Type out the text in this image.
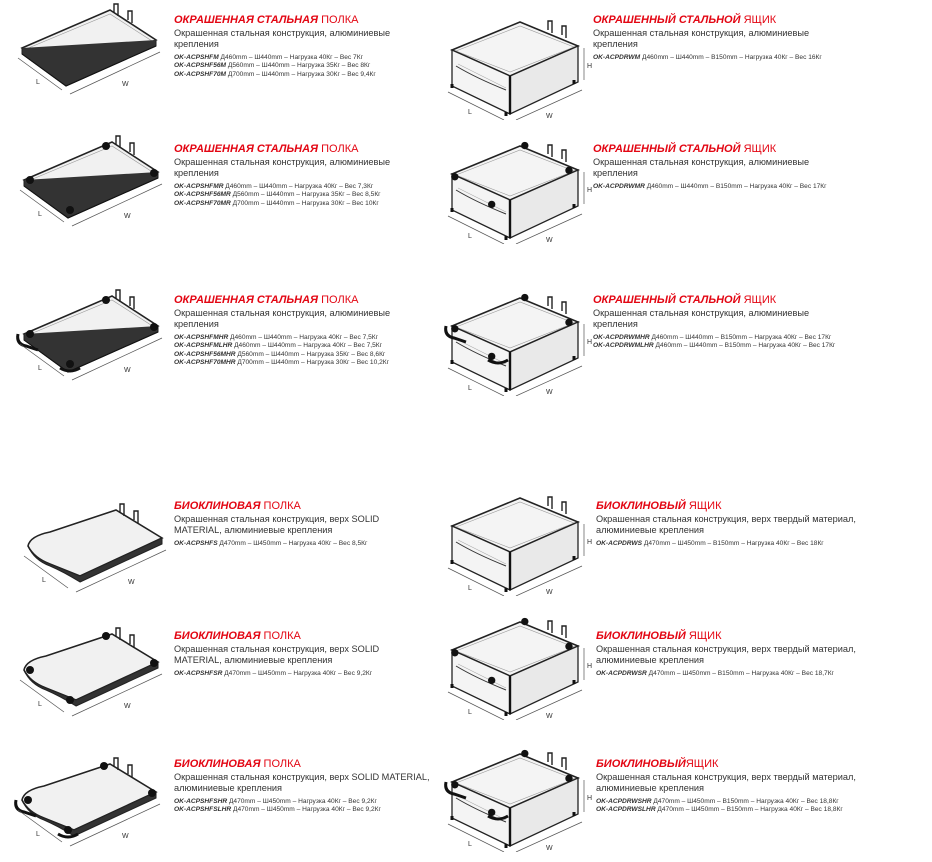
L	W
ОКРАШЕННАЯ СТАЛЬНАЯ ПОЛКА
Окрашенная стальная конструкция, алюминиевые крепления
OK-ACPSHFM Д460mm – Ш440mm – Нагрузка 40Кг – Вес 7Кг
OK-ACPSHF56M Д560mm – Ш440mm – Нагрузка 35Кг – Вес 8Кг
OK-ACPSHF70M Д700mm – Ш440mm – Нагрузка 30Кг – Вес 9,4Кг
L
W
H
ОКРАШЕННЫЙ СТАЛЬНОЙ ЯЩИК
Окрашенная стальная конструкция, алюминиевые крепления
OK-ACPDRWM Д460mm – Ш440mm – В150mm – Нагрузка 40Кг – Вес 16Кг
L	W
ОКРАШЕННАЯ СТАЛЬНАЯ ПОЛКА
Окрашенная стальная конструкция, алюминиевые крепления
OK-ACPSHFMR Д460mm – Ш440mm – Нагрузка 40Кг – Вес 7,3Кг
OK-ACPSHF56MR Д560mm – Ш440mm – Нагрузка 35Кг – Вес 8,5Кг
OK-ACPSHF70MR Д700mm – Ш440mm – Нагрузка 30Кг – Вес 10Кг
L
W
H
ОКРАШЕННЫЙ СТАЛЬНОЙ ЯЩИК
Окрашенная стальная конструкция, алюминиевые крепления
OK-ACPDRWMR Д460mm – Ш440mm – В150mm – Нагрузка 40Кг – Вес 17Кг
L	W
ОКРАШЕННАЯ СТАЛЬНАЯ ПОЛКА
Окрашенная стальная конструкция, алюминиевые крепления
OK-ACPSHFMHR Д460mm – Ш440mm – Нагрузка 40Кг – Вес 7,5Кг
OK-ACPSHFMLHR Д460mm – Ш440mm – Нагрузка 40Кг – Вес 7,5Кг
OK-ACPSHF56MHR Д560mm – Ш440mm – Нагрузка 35Кг – Вес 8,6Кг
OK-ACPSHF70MHR Д700mm – Ш440mm – Нагрузка 30Кг – Вес 10,2Кг
L
W
H
ОКРАШЕННЫЙ СТАЛЬНОЙ ЯЩИК
Окрашенная стальная конструкция, алюминиевые крепления
OK-ACPDRWMHR Д460mm – Ш440mm – В150mm – Нагрузка 40Кг – Вес 17Кг
OK-ACPDRWMLHR Д460mm – Ш440mm – В150mm – Нагрузка 40Кг – Вес 17Кг
L	W
БИОКЛИНОВАЯ ПОЛКА
Окрашенная стальная конструкция, верх SOLID MATERIAL, алюминиевые крепления
OK-ACPSHFS Д470mm – Ш450mm – Нагрузка 40Кг – Вес 8,5Кг
L
W
H
БИОКЛИНОВЫЙ ЯЩИК
Окрашенная стальная конструкция, верх твердый материал, алюминиевые крепления
OK-ACPDRWS Д470mm – Ш450mm – В150mm – Нагрузка 40Кг – Вес 18Кг
L	W
БИОКЛИНОВАЯ ПОЛКА
Окрашенная стальная конструкция, верх SOLID MATERIAL, алюминиевые крепления
OK-ACPSHFSR Д470mm – Ш450mm – Нагрузка 40Кг – Вес 9,2Кг
L
W
H
БИОКЛИНОВЫЙ ЯЩИК
Окрашенная стальная конструкция, верх твердый материал, алюминиевые крепления
OK-ACPDRWSR Д470mm – Ш450mm – В150mm – Нагрузка 40Кг – Вес 18,7Кг
L	W
БИОКЛИНОВАЯ ПОЛКА
Окрашенная стальная конструкция, верх SOLID MATERIAL, алюминиевые крепления
OK-ACPSHFSHR Д470mm – Ш450mm – Нагрузка 40Кг – Вес 9,2Кг
OK-ACPSHFSLHR Д470mm – Ш450mm – Нагрузка 40Кг – Вес 9,2Кг
L
W
H
БИОКЛИНОВЫЙЯЩИК
Окрашенная стальная конструкция, верх твердый материал, алюминиевые крепления
OK-ACPDRWSHR Д470mm – Ш450mm – В150mm – Нагрузка 40Кг – Вес 18,8Кг
OK-ACPDRWSLHR Д470mm – Ш450mm – В150mm – Нагрузка 40Кг – Вес 18,8Кг
